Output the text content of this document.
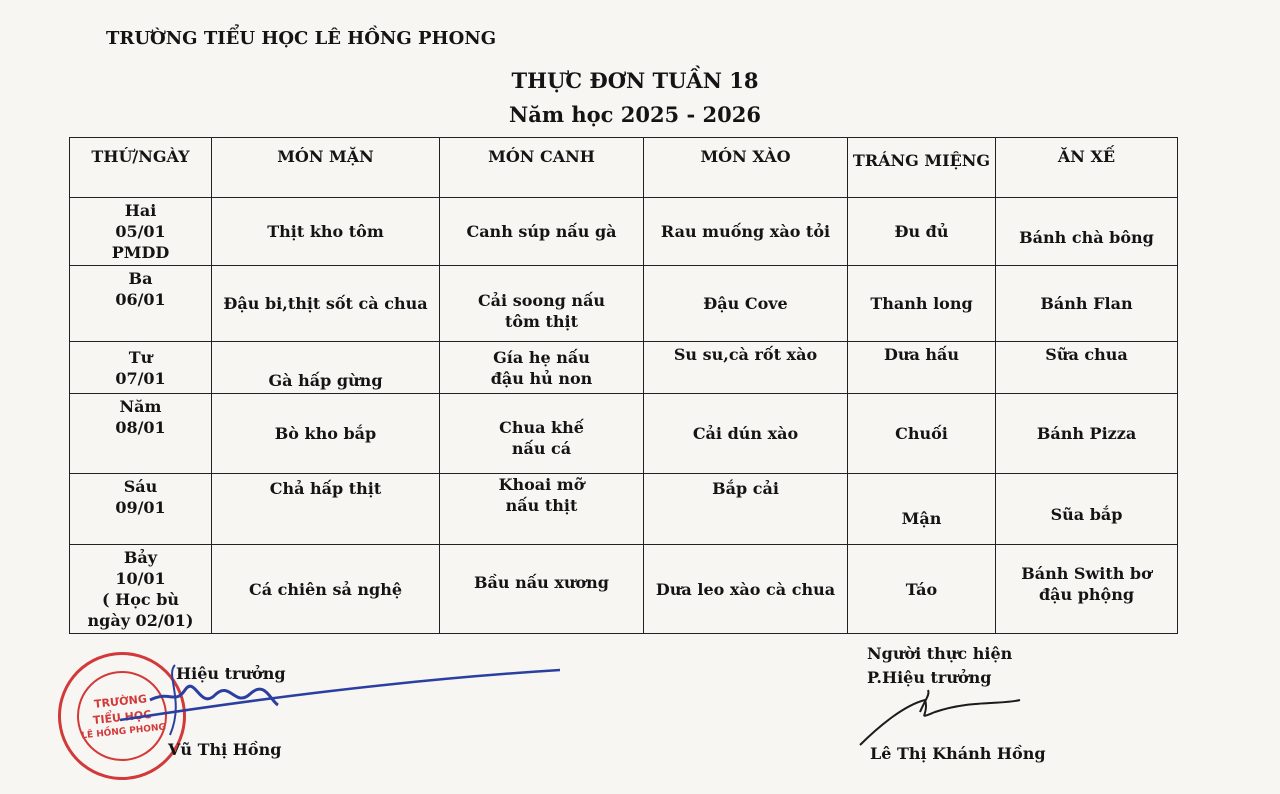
TRƯỜNG TIỂU HỌC LÊ HỒNG PHONG
THỰC ĐƠN TUẦN 18
Năm học 2025 - 2026
THỨ/NGÀY	MÓN MẶN	MÓN CANH	MÓN XÀO	TRÁNG MIỆNG	ĂN XẾ

Hai
05/01
PMDD	Thịt kho tôm	Canh súp nấu gà	Rau muống xào tỏi	Đu đủ	Bánh chà bông

Ba
06/01	Đậu bi,thịt sốt cà chua	Cải soong nấu tôm thịt	Đậu Cove	Thanh long	Bánh Flan

Tư
07/01	Gà hấp gừng	Gía hẹ nấu đậu hủ non	Su su,cà rốt xào	Dưa hấu	Sữa chua

Năm
08/01	Bò kho bắp	Chua khế nấu cá	Cải dún xào	Chuối	Bánh Pizza

Sáu
09/01	Chả hấp thịt	Khoai mỡ nấu thịt	Bắp cải	Mận	Sũa bắp

Bảy
10/01
( Học bù
ngày 02/01)	Cá chiên sả nghệ	Bầu nấu xương	Dưa leo xào cà chua	Táo	Bánh Swith bơ đậu phộng
TRƯỜNG
TIỂU HỌC
LÊ HỒNG PHONG
Hiệu trưởng
Vũ Thị Hồng
Người thực hiện
P.Hiệu trưởng
Lê Thị Khánh Hồng
